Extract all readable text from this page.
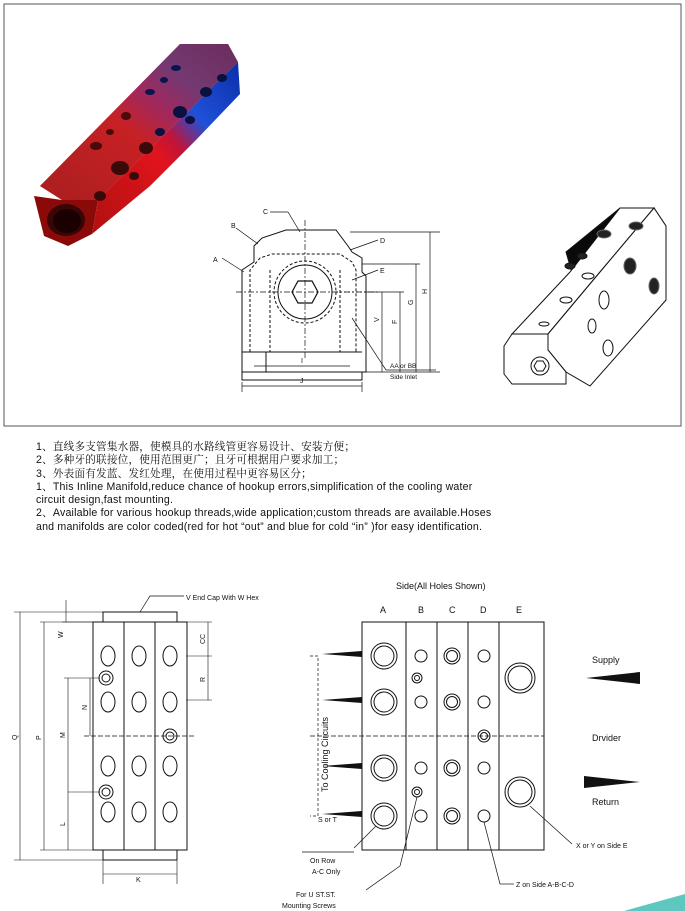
B
A
C
D
E
H
G
F
V
I
J
AA or BB
Side Inlet
V End Cap With W Hex
W	CC
R
N
M
P
Q
L
K
Side(All Holes Shown)
A	B	C	D	E
Supply
Drvider
Return
To Cooling Circuits
S or T
On Row
A-C Only
For U ST.ST.
Mounting Screws
Z on Side A-B-C-D
X or Y on Side E
1、直线多支管集水器，使模具的水路线管更容易设计、安装方便；
2、多种牙的联接位，使用范围更广；且牙可根据用户要求加工；
3、外表面有发蓝、发红处理，在使用过程中更容易区分；
1、This Inline Manifold,reduce chance of hookup errors,simplification of the cooling water
circuit design,fast mounting.
2、Available for various hookup threads,wide application;custom threads are available.Hoses
and manifolds are color coded(red for hot “out” and blue for cold “in” )for easy identification.
